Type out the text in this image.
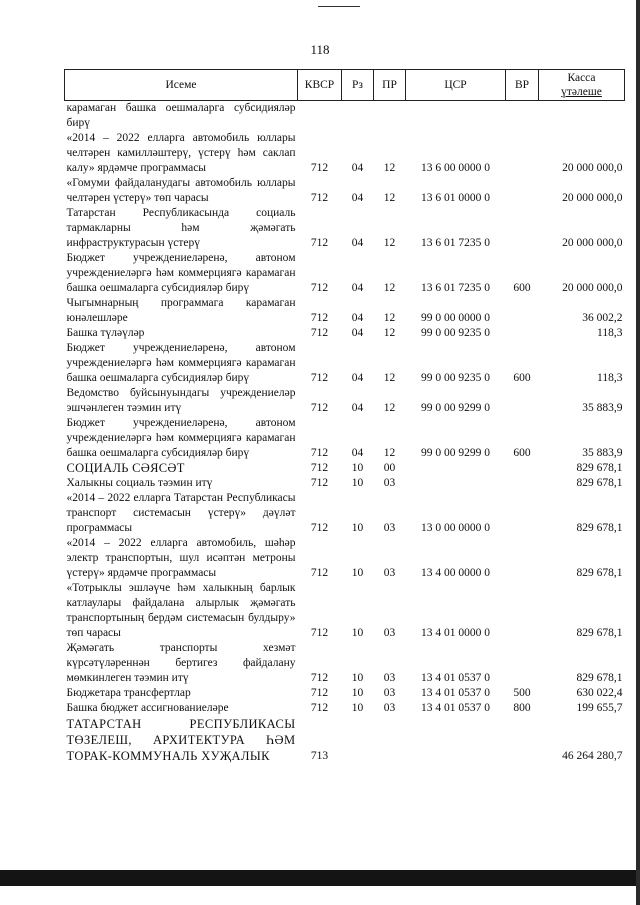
118
Исеме	КВСР	Рз	ПР	ЦСР	ВР	Касса
үтәлеше
карамаган башка оешмаларга субсидияләр бирү						
«2014 – 2022 елларга автомобиль юллары челтәрен камилләштерү, үстерү һәм саклап калу» ярдәмче программасы	712	04	12	13 6 00 0000 0		20 000 000,0
«Гомуми файдаланудагы автомобиль юллары челтәрен үстерү» төп чарасы	712	04	12	13 6 01 0000 0		20 000 000,0
Татарстан Республикасында социаль тармакларны һәм җәмәгать инфраструктурасын үстерү	712	04	12	13 6 01 7235 0		20 000 000,0
Бюджет учреждениеләренә, автоном учреждениеләргә һәм коммерциягә карамаган башка оешмаларга субсидияләр бирү	712	04	12	13 6 01 7235 0	600	20 000 000,0
Чыгымнарның программага карамаган юнәлешләре	712	04	12	99 0 00 0000 0		36 002,2
Башка түләүләр	712	04	12	99 0 00 9235 0		118,3
Бюджет учреждениеләренә, автоном учреждениеләргә һәм коммерциягә карамаган башка оешмаларга субсидияләр бирү	712	04	12	99 0 00 9235 0	600	118,3
Ведомство буйсынуындагы учреждениеләр эшчәнлеген тәэмин итү	712	04	12	99 0 00 9299 0		35 883,9
Бюджет учреждениеләренә, автоном учреждениеләргә һәм коммерциягә карамаган башка оешмаларга субсидияләр бирү	712	04	12	99 0 00 9299 0	600	35 883,9
СОЦИАЛЬ СӘЯСӘТ	712	10	00			829 678,1
Халыкны социаль тәэмин итү	712	10	03			829 678,1
«2014 – 2022 елларга Татарстан Республикасы транспорт системасын үстерү» дәүләт программасы	712	10	03	13 0 00 0000 0		829 678,1
«2014 – 2022 елларга автомобиль, шәһәр электр транспортын, шул исәптән метроны үстерү» ярдәмче программасы	712	10	03	13 4 00 0000 0		829 678,1
«Тотрыклы эшләүче һәм халыкның барлык катлаулары файдалана алырлык җәмәгать транспортының бердәм системасын булдыру» төп чарасы	712	10	03	13 4 01 0000 0		829 678,1
Җәмәгать транспорты хезмәт күрсәтүләреннән бертигез файдалану мөмкинлеген тәэмин итү	712	10	03	13 4 01 0537 0		829 678,1
Бюджетара трансфертлар	712	10	03	13 4 01 0537 0	500	630 022,4
Башка бюджет ассигнованиеләре	712	10	03	13 4 01 0537 0	800	199 655,7
ТАТАРСТАН РЕСПУБЛИКАСЫ ТӨЗЕЛЕШ, АРХИТЕКТУРА ҺӘМ ТОРАК-КОММУНАЛЬ ХУҖАЛЫК	713					46 264 280,7
